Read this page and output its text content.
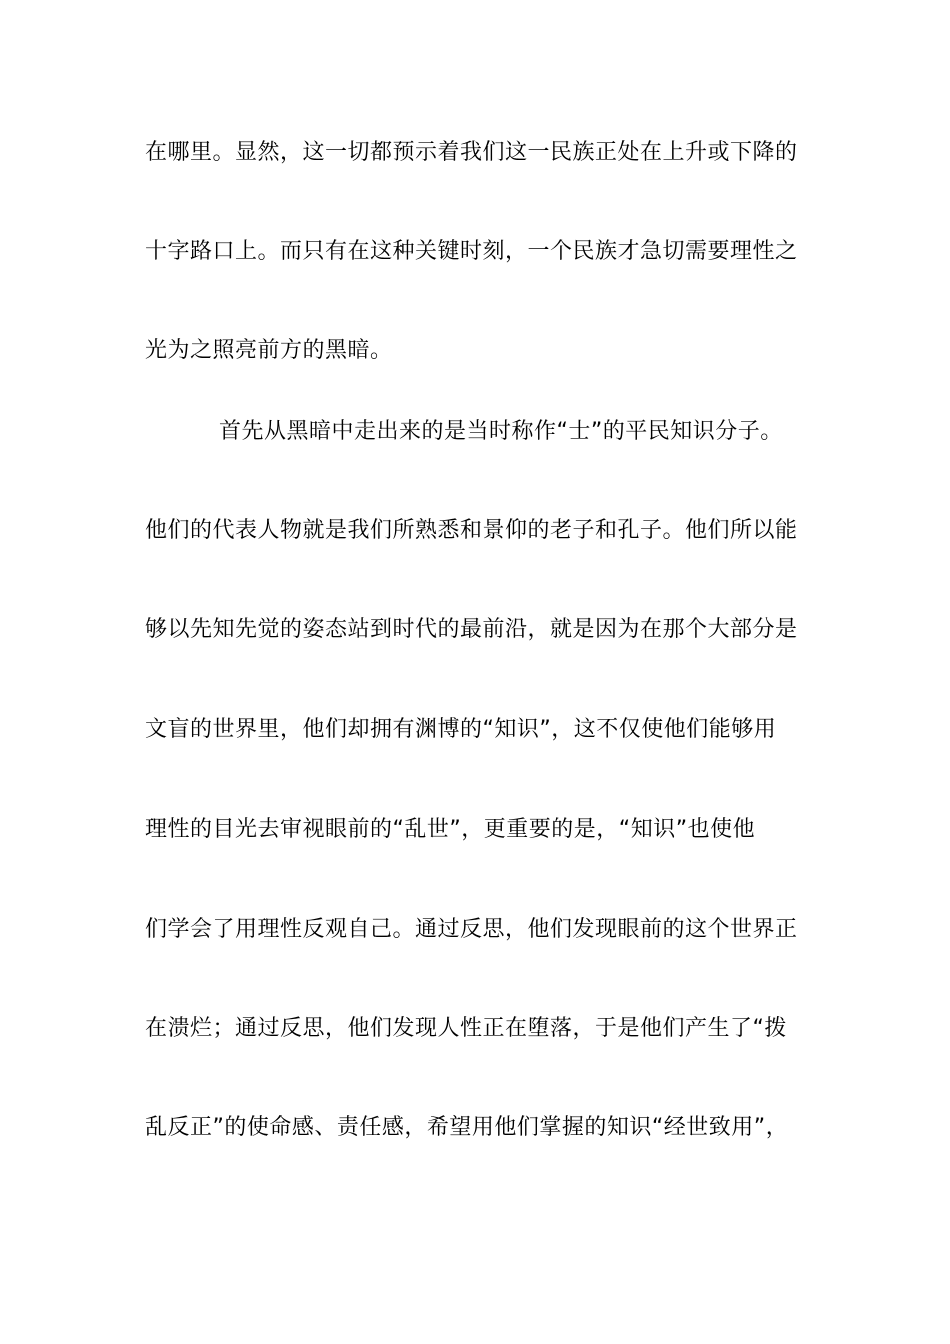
在哪里。显然，这一切都预示着我们这一民族正处在上升或下降的
十字路口上。而只有在这种关键时刻，一个民族才急切需要理性之
光为之照亮前方的黑暗。
首先从黑暗中走出来的是当时称作“士”的平民知识分子。
他们的代表人物就是我们所熟悉和景仰的老子和孔子。他们所以能
够以先知先觉的姿态站到时代的最前沿，就是因为在那个大部分是
文盲的世界里，他们却拥有渊博的“知识”，这不仅使他们能够用
理性的目光去审视眼前的“乱世”，更重要的是，“知识”也使他
们学会了用理性反观自己。通过反思，他们发现眼前的这个世界正
在溃烂；通过反思，他们发现人性正在堕落，于是他们产生了“拨
乱反正”的使命感、责任感，希望用他们掌握的知识“经世致用”，
